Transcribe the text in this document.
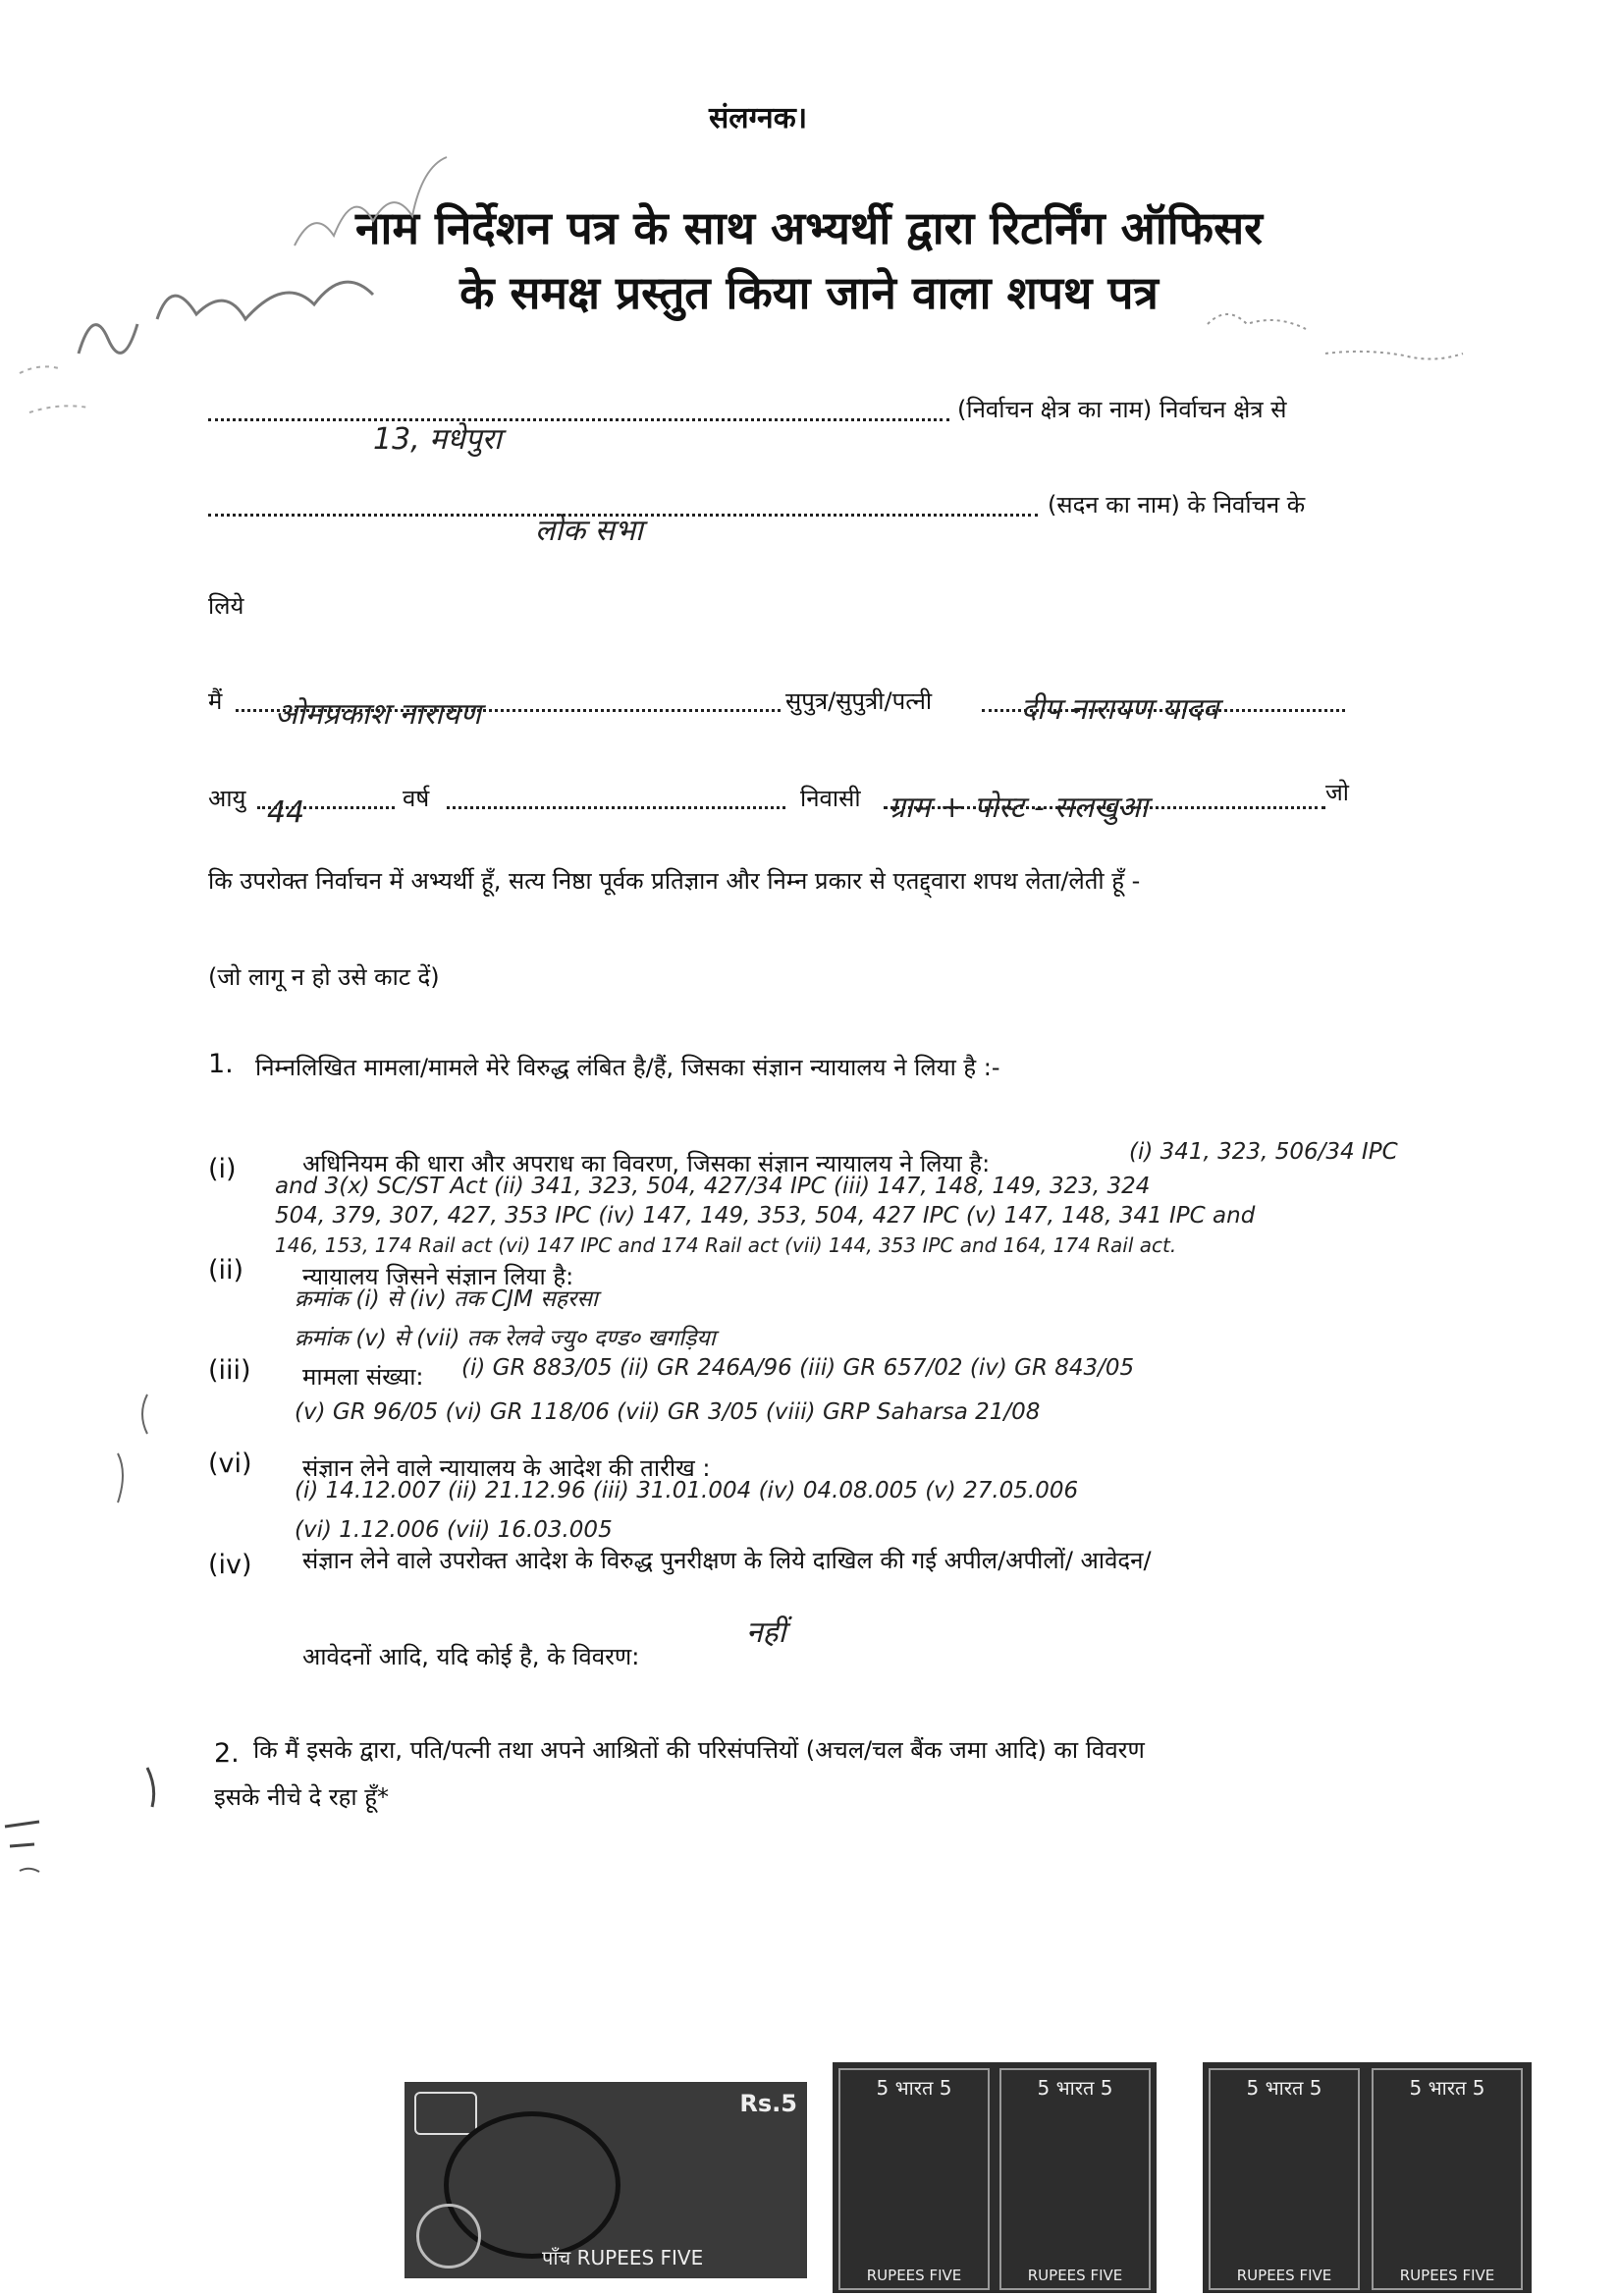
संलग्नक।
नाम निर्देशन पत्र के साथ अभ्यर्थी द्वारा रिटर्निंग ऑफिसर
के समक्ष प्रस्तुत किया जाने वाला शपथ पत्र
(निर्वाचन क्षेत्र का नाम) निर्वाचन क्षेत्र से
13, मधेपुरा
(सदन का नाम) के निर्वाचन के
लोक सभा
लिये
मैं ओमप्रकाश नारायण	सुपुत्र/सुपुत्री/पत्नी	दीप नारायण यादव
आयु 44	वर्ष	निवासी ग्राम + पोस्ट - सलखुआ	जो
कि उपरोक्त निर्वाचन में अभ्यर्थी हूँ, सत्य निष्ठा पूर्वक प्रतिज्ञान और निम्न प्रकार से एतद्द्वारा शपथ लेता/लेती हूँ -
(जो लागू न हो उसे काट दें)
1. निम्नलिखित मामला/मामले मेरे विरुद्ध लंबित है/हैं, जिसका संज्ञान न्यायालय ने लिया है :-
(i)	अधिनियम की धारा और अपराध का विवरण, जिसका संज्ञान न्यायालय ने लिया है:	(i) 341, 323, 506/34 IPC
and 3(x) SC/ST Act (ii) 341, 323, 504, 427/34 IPC (iii) 147, 148, 149, 323, 324
504, 379, 307, 427, 353 IPC (iv) 147, 149, 353, 504, 427 IPC (v) 147, 148, 341 IPC and
146, 153, 174 Rail act (vi) 147 IPC and 174 Rail act (vii) 144, 353 IPC and 164, 174 Rail act.
(ii) न्यायालय जिसने संज्ञान लिया है:
क्रमांक (i) से (iv) तक CJM सहरसा
क्रमांक (v) से (vii) तक रेलवे ज्यु० दण्ड० खगड़िया
(iii) मामला संख्या: (i) GR 883/05 (ii) GR 246A/96 (iii) GR 657/02 (iv) GR 843/05
(v) GR 96/05 (vi) GR 118/06 (vii) GR 3/05 (viii) GRP Saharsa 21/08
(vi) संज्ञान लेने वाले न्यायालय के आदेश की तारीख :
(i) 14.12.007 (ii) 21.12.96 (iii) 31.01.004 (iv) 04.08.005 (v) 27.05.006
(vi) 1.12.006 (vii) 16.03.005
(iv) संज्ञान लेने वाले उपरोक्त आदेश के विरुद्ध पुनरीक्षण के लिये दाखिल की गई अपील/अपीलों/ आवेदन/
आवेदनों आदि, यदि कोई है, के विवरण:
नहीं
2. कि मैं इसके द्वारा, पति/पत्नी तथा अपने आश्रितों की परिसंपत्तियों (अचल/चल बैंक जमा आदि) का विवरण
इसके नीचे दे रहा हूँ*
Rs.5
पाँच RUPEES FIVE
5 भारत 5
RUPEES FIVE
5 भारत 5
RUPEES FIVE
5 भारत 5
RUPEES FIVE
5 भारत 5
RUPEES FIVE
